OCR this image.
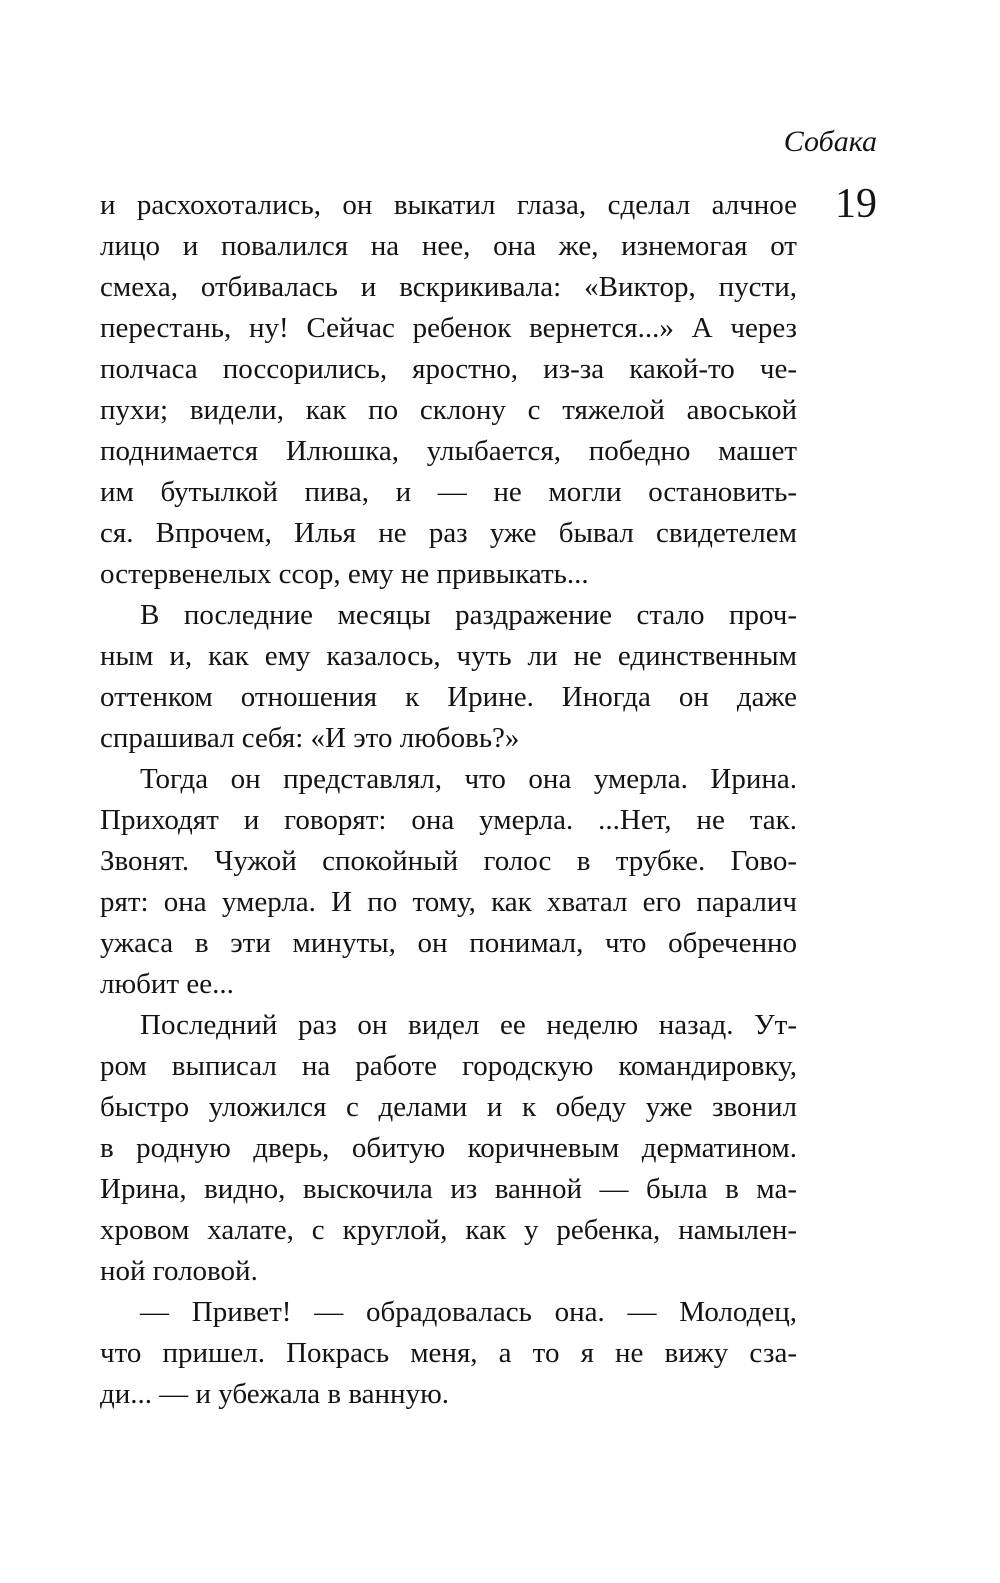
Собака
19
и расхохотались, он выкатил глаза, сделал алчное
лицо и повалился на нее, она же, изнемогая от
смеха, отбивалась и вскрикивала: «Виктор, пусти,
перестань, ну! Сейчас ребенок вернется...» А через
полчаса поссорились, яростно, из-за какой-то че-
пухи; видели, как по склону с тяжелой авоськой
поднимается Илюшка, улыбается, победно машет
им бутылкой пива, и — не могли остановить-
ся. Впрочем, Илья не раз уже бывал свидетелем
остервенелых ссор, ему не привыкать...
В последние месяцы раздражение стало проч-
ным и, как ему казалось, чуть ли не единственным
оттенком отношения к Ирине. Иногда он даже
спрашивал себя: «И это любовь?»
Тогда он представлял, что она умерла. Ирина.
Приходят и говорят: она умерла. ...Нет, не так.
Звонят. Чужой спокойный голос в трубке. Гово-
рят: она умерла. И по тому, как хватал его паралич
ужаса в эти минуты, он понимал, что обреченно
любит ее...
Последний раз он видел ее неделю назад. Ут-
ром выписал на работе городскую командировку,
быстро уложился с делами и к обеду уже звонил
в родную дверь, обитую коричневым дерматином.
Ирина, видно, выскочила из ванной — была в ма-
хровом халате, с круглой, как у ребенка, намылен-
ной головой.
— Привет! — обрадовалась она. — Молодец,
что пришел. Покрась меня, а то я не вижу сза-
ди... — и убежала в ванную.
